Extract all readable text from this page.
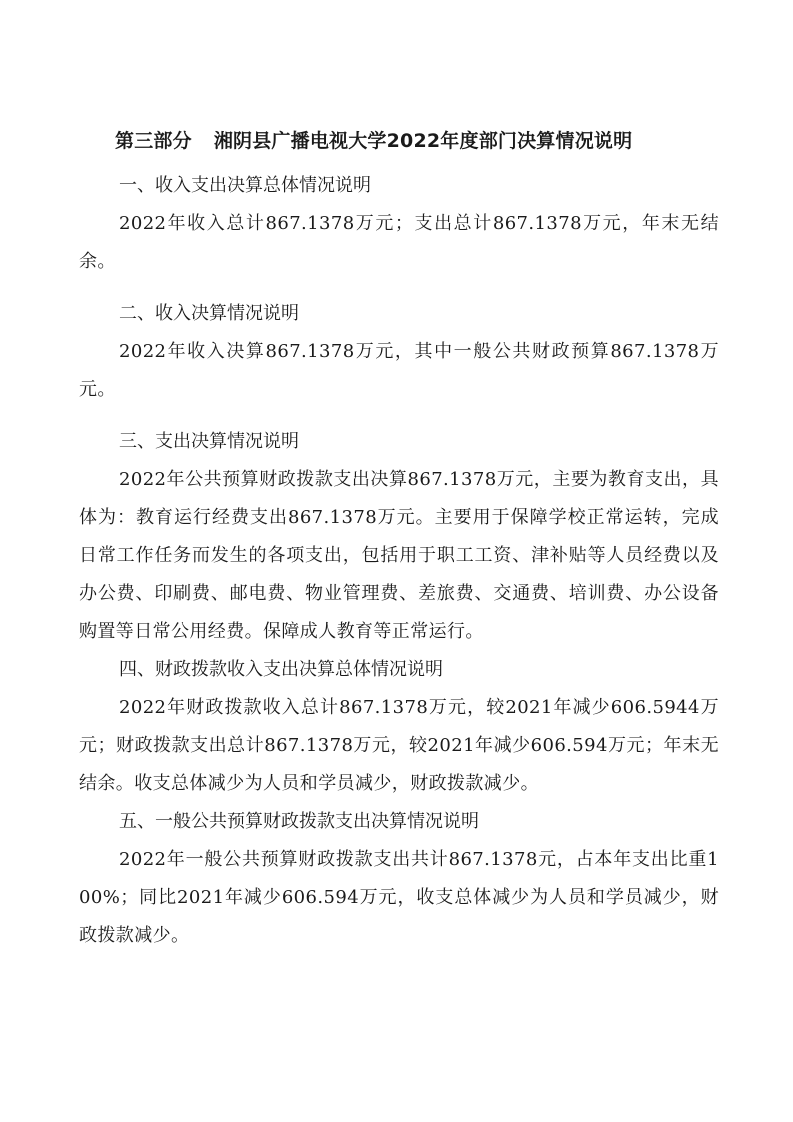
第三部分 湘阴县广播电视大学2022年度部门决算情况说明

一、收入支出决算总体情况说明

2022年收入总计867.1378万元；支出总计867.1378万元，年末无结余。

二、收入决算情况说明

2022年收入决算867.1378万元，其中一般公共财政预算867.1378万元。

三、支出决算情况说明

2022年公共预算财政拨款支出决算867.1378万元，主要为教育支出，具体为：教育运行经费支出867.1378万元。主要用于保障学校正常运转，完成日常工作任务而发生的各项支出，包括用于职工工资、津补贴等人员经费以及办公费、印刷费、邮电费、物业管理费、差旅费、交通费、培训费、办公设备购置等日常公用经费。保障成人教育等正常运行。

四、财政拨款收入支出决算总体情况说明

2022年财政拨款收入总计867.1378万元，较2021年减少606.5944万元；财政拨款支出总计867.1378万元，较2021年减少606.594万元；年末无结余。收支总体减少为人员和学员减少，财政拨款减少。

五、一般公共预算财政拨款支出决算情况说明

2022年一般公共预算财政拨款支出共计867.1378元，占本年支出比重100%；同比2021年减少606.594万元，收支总体减少为人员和学员减少，财政拨款减少。
